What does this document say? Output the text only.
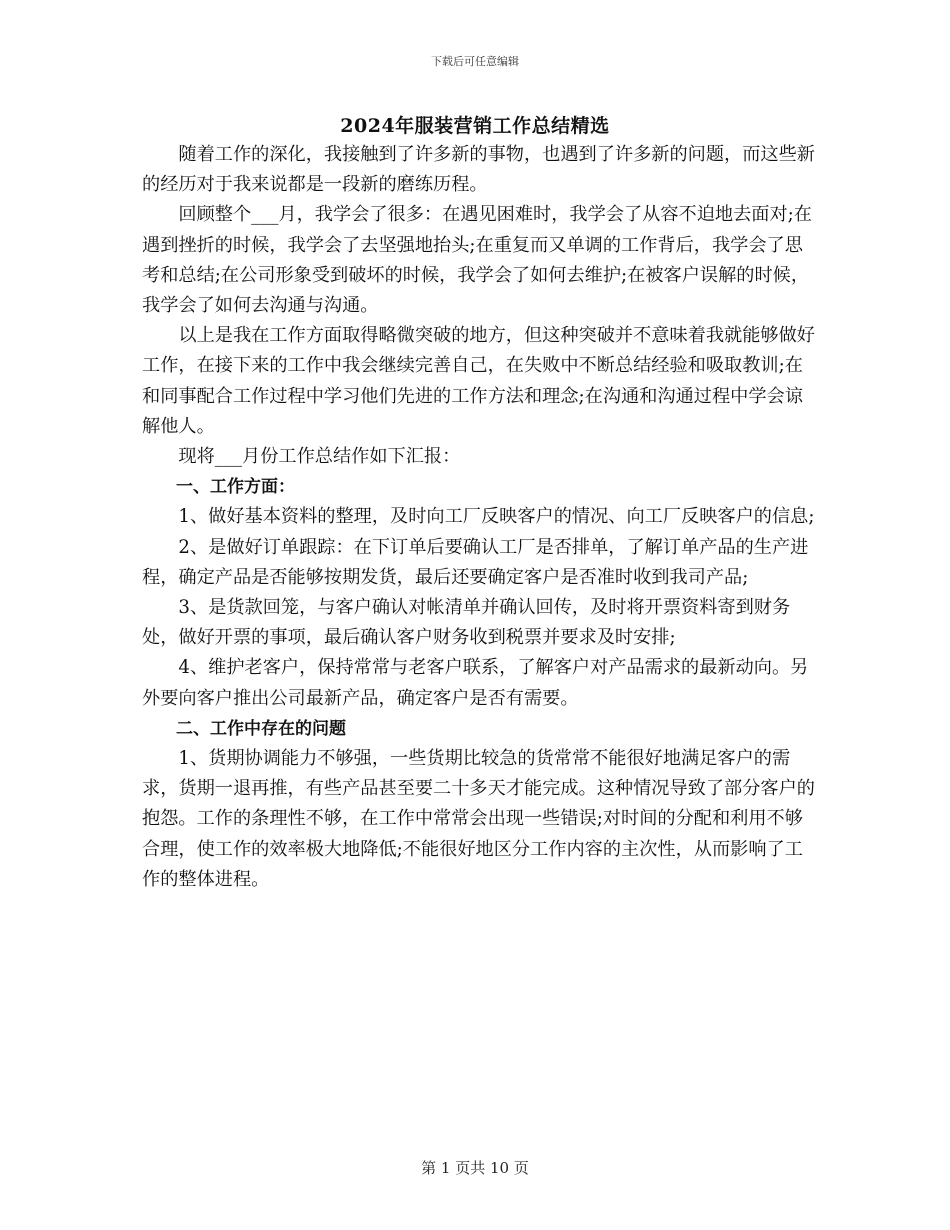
下载后可任意编辑
2024年服装营销工作总结精选

随着工作的深化，我接触到了许多新的事物，也遇到了许多新的问题，而这些新的经历对于我来说都是一段新的磨练历程。

回顾整个___月，我学会了很多：在遇见困难时，我学会了从容不迫地去面对;在遇到挫折的时候，我学会了去坚强地抬头;在重复而又单调的工作背后，我学会了思考和总结;在公司形象受到破坏的时候，我学会了如何去维护;在被客户误解的时候，我学会了如何去沟通与沟通。

以上是我在工作方面取得略微突破的地方，但这种突破并不意味着我就能够做好工作，在接下来的工作中我会继续完善自己，在失败中不断总结经验和吸取教训;在和同事配合工作过程中学习他们先进的工作方法和理念;在沟通和沟通过程中学会谅解他人。

现将___月份工作总结作如下汇报：

一、工作方面：

1、做好基本资料的整理，及时向工厂反映客户的情况、向工厂反映客户的信息;

2、是做好订单跟踪：在下订单后要确认工厂是否排单，了解订单产品的生产进程，确定产品是否能够按期发货，最后还要确定客户是否准时收到我司产品;

3、是货款回笼，与客户确认对帐清单并确认回传，及时将开票资料寄到财务处，做好开票的事项，最后确认客户财务收到税票并要求及时安排;

4、维护老客户，保持常常与老客户联系，了解客户对产品需求的最新动向。另外要向客户推出公司最新产品，确定客户是否有需要。

二、工作中存在的问题

1、货期协调能力不够强，一些货期比较急的货常常不能很好地满足客户的需求，货期一退再推，有些产品甚至要二十多天才能完成。这种情况导致了部分客户的抱怨。工作的条理性不够，在工作中常常会出现一些错误;对时间的分配和利用不够合理，使工作的效率极大地降低;不能很好地区分工作内容的主次性，从而影响了工作的整体进程。

第 1 页共 10 页
